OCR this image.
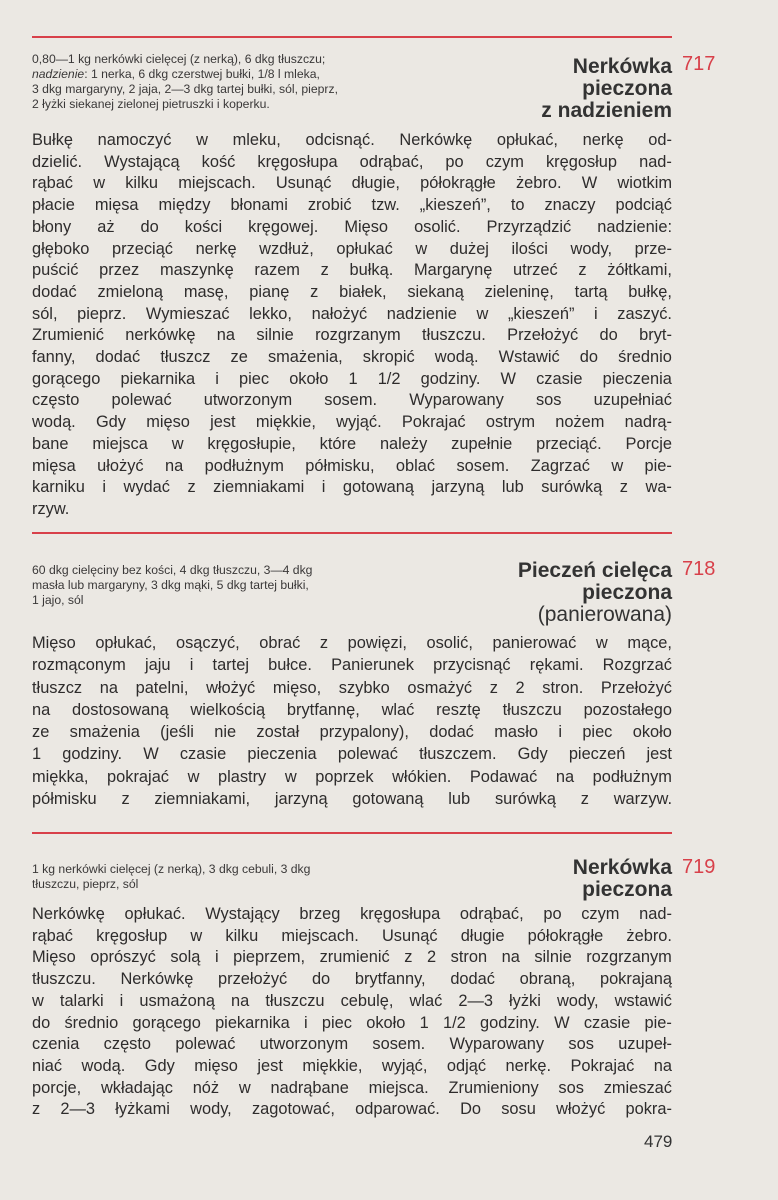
0,80—1 kg nerkówki cielęcej (z nerką), 6 dkg tłuszczu;
nadzienie: 1 nerka, 6 dkg czerstwej bułki, 1/8 l mleka,
3 dkg margaryny, 2 jaja, 2—3 dkg tartej bułki, sól, pieprz,
2 łyżki siekanej zielonej pietruszki i koperku.
Nerkówka
pieczona
z nadzieniem
717
Bułkę namoczyć w mleku, odcisnąć. Nerkówkę opłukać, nerkę od-
dzielić. Wystającą kość kręgosłupa odrąbać, po czym kręgosłup nad-
rąbać w kilku miejscach. Usunąć długie, półokrągłe żebro. W wiotkim
płacie mięsa między błonami zrobić tzw. „kieszeń”, to znaczy podciąć
błony aż do kości kręgowej. Mięso osolić. Przyrządzić nadzienie:
głęboko przeciąć nerkę wzdłuż, opłukać w dużej ilości wody, prze-
puścić przez maszynkę razem z bułką. Margarynę utrzeć z żółtkami,
dodać zmieloną masę, pianę z białek, siekaną zieleninę, tartą bułkę,
sól, pieprz. Wymieszać lekko, nałożyć nadzienie w „kieszeń” i zaszyć.
Zrumienić nerkówkę na silnie rozgrzanym tłuszczu. Przełożyć do bryt-
fanny, dodać tłuszcz ze smażenia, skropić wodą. Wstawić do średnio
gorącego piekarnika i piec około 1 1/2 godziny. W czasie pieczenia
często polewać utworzonym sosem. Wyparowany sos uzupełniać
wodą. Gdy mięso jest miękkie, wyjąć. Pokrajać ostrym nożem nadrą-
bane miejsca w kręgosłupie, które należy zupełnie przeciąć. Porcje
mięsa ułożyć na podłużnym półmisku, oblać sosem. Zagrzać w pie-
karniku i wydać z ziemniakami i gotowaną jarzyną lub surówką z wa-
rzyw.
60 dkg cielęciny bez kości, 4 dkg tłuszczu, 3—4 dkg
masła lub margaryny, 3 dkg mąki, 5 dkg tartej bułki,
1 jajo, sól
Pieczeń cielęca
pieczona
(panierowana)
718
Mięso opłukać, osączyć, obrać z powięzi, osolić, panierować w mące,
rozmąconym jaju i tartej bułce. Panierunek przycisnąć rękami. Rozgrzać
tłuszcz na patelni, włożyć mięso, szybko osmażyć z 2 stron. Przełożyć
na dostosowaną wielkością brytfannę, wlać resztę tłuszczu pozostałego
ze smażenia (jeśli nie został przypalony), dodać masło i piec około
1 godziny. W czasie pieczenia polewać tłuszczem. Gdy pieczeń jest
miękka, pokrajać w plastry w poprzek włókien. Podawać na podłużnym
półmisku z ziemniakami, jarzyną gotowaną lub surówką z warzyw.
1 kg nerkówki cielęcej (z nerką), 3 dkg cebuli, 3 dkg
tłuszczu, pieprz, sól
Nerkówka
pieczona
719
Nerkówkę opłukać. Wystający brzeg kręgosłupa odrąbać, po czym nad-
rąbać kręgosłup w kilku miejscach. Usunąć długie półokrągłe żebro.
Mięso oprószyć solą i pieprzem, zrumienić z 2 stron na silnie rozgrzanym
tłuszczu. Nerkówkę przełożyć do brytfanny, dodać obraną, pokrajaną
w talarki i usmażoną na tłuszczu cebulę, wlać 2—3 łyżki wody, wstawić
do średnio gorącego piekarnika i piec około 1 1/2 godziny. W czasie pie-
czenia często polewać utworzonym sosem. Wyparowany sos uzupeł-
niać wodą. Gdy mięso jest miękkie, wyjąć, odjąć nerkę. Pokrajać na
porcje, wkładając nóż w nadrąbane miejsca. Zrumieniony sos zmieszać
z 2—3 łyżkami wody, zagotować, odparować. Do sosu włożyć pokra-
479
